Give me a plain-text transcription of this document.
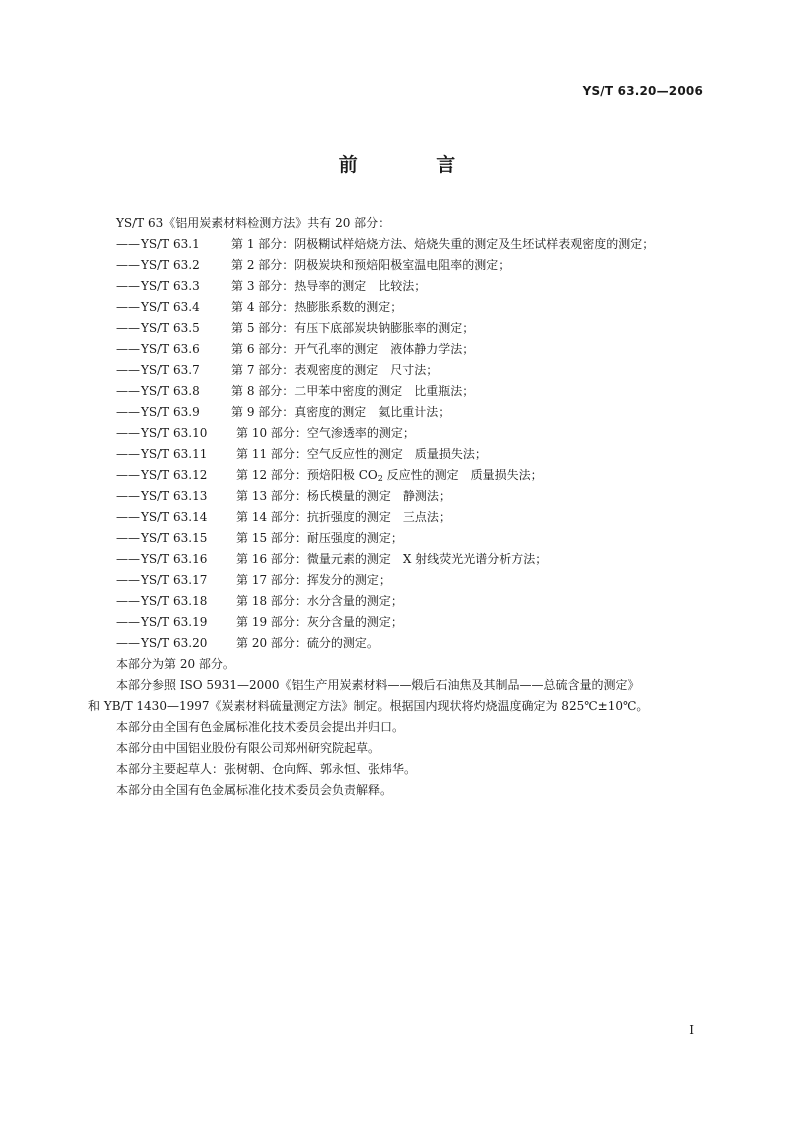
YS/T 63.20—2006
前 言
YS/T 63《铝用炭素材料检测方法》共有 20 部分：
——YS/T 63.1	第 1 部分：阴极糊试样焙烧方法、焙烧失重的测定及生坯试样表观密度的测定；
——YS/T 63.2	第 2 部分：阴极炭块和预焙阳极室温电阻率的测定；
——YS/T 63.3	第 3 部分：热导率的测定　比较法；
——YS/T 63.4	第 4 部分：热膨胀系数的测定；
——YS/T 63.5	第 5 部分：有压下底部炭块钠膨胀率的测定；
——YS/T 63.6	第 6 部分：开气孔率的测定　液体静力学法；
——YS/T 63.7	第 7 部分：表观密度的测定　尺寸法；
——YS/T 63.8	第 8 部分：二甲苯中密度的测定　比重瓶法；
——YS/T 63.9	第 9 部分：真密度的测定　氦比重计法；
——YS/T 63.10 第 10 部分：空气渗透率的测定；
——YS/T 63.11 第 11 部分：空气反应性的测定　质量损失法；
——YS/T 63.12 第 12 部分：预焙阳极 $CO_2$ 反应性的测定　质量损失法；
——YS/T 63.13 第 13 部分：杨氏模量的测定　静测法；
——YS/T 63.14 第 14 部分：抗折强度的测定　三点法；
——YS/T 63.15 第 15 部分：耐压强度的测定；
——YS/T 63.16 第 16 部分：微量元素的测定　X 射线荧光光谱分析方法；
——YS/T 63.17 第 17 部分：挥发分的测定；
——YS/T 63.18 第 18 部分：水分含量的测定；
——YS/T 63.19 第 19 部分：灰分含量的测定；
——YS/T 63.20 第 20 部分：硫分的测定。
本部分为第 20 部分。
本部分参照 ISO 5931—2000《铝生产用炭素材料——煅后石油焦及其制品——总硫含量的测定》
和 YB/T 1430—1997《炭素材料硫量测定方法》制定。根据国内现状将灼烧温度确定为 825℃±10℃。
本部分由全国有色金属标准化技术委员会提出并归口。
本部分由中国铝业股份有限公司郑州研究院起草。
本部分主要起草人：张树朝、仓向辉、郭永恒、张炜华。
本部分由全国有色金属标准化技术委员会负责解释。
I
